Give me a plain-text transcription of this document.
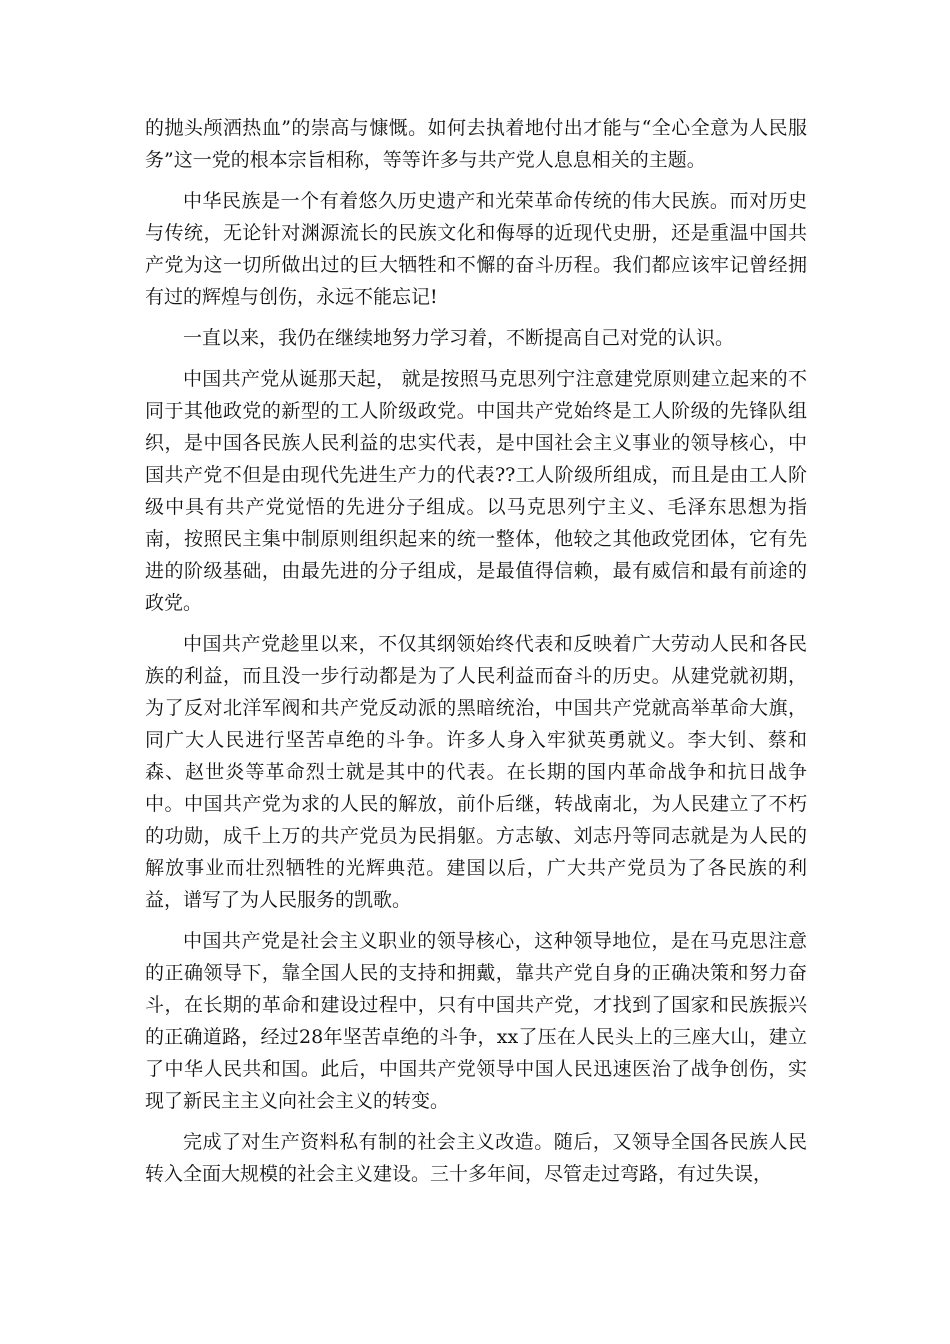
的抛头颅洒热血”的崇高与慷慨。如何去执着地付出才能与“全心全意为人民服务”这一党的根本宗旨相称，等等许多与共产党人息息相关的主题。

中华民族是一个有着悠久历史遗产和光荣革命传统的伟大民族。而对历史与传统，无论针对渊源流长的民族文化和侮辱的近现代史册，还是重温中国共产党为这一切所做出过的巨大牺牲和不懈的奋斗历程。我们都应该牢记曾经拥有过的辉煌与创伤，永远不能忘记!

一直以来，我仍在继续地努力学习着，不断提高自己对党的认识。

中国共产党从诞那天起， 就是按照马克思列宁注意建党原则建立起来的不同于其他政党的新型的工人阶级政党。中国共产党始终是工人阶级的先锋队组织，是中国各民族人民利益的忠实代表，是中国社会主义事业的领导核心，中国共产党不但是由现代先进生产力的代表??工人阶级所组成，而且是由工人阶级中具有共产党觉悟的先进分子组成。以马克思列宁主义、毛泽东思想为指南，按照民主集中制原则组织起来的统一整体，他较之其他政党团体，它有先进的阶级基础，由最先进的分子组成，是最值得信赖，最有威信和最有前途的政党。

中国共产党趁里以来，不仅其纲领始终代表和反映着广大劳动人民和各民族的利益，而且没一步行动都是为了人民利益而奋斗的历史。从建党就初期，为了反对北洋军阀和共产党反动派的黑暗统治，中国共产党就高举革命大旗，同广大人民进行坚苦卓绝的斗争。许多人身入牢狱英勇就义。李大钊、蔡和森、赵世炎等革命烈士就是其中的代表。在长期的国内革命战争和抗日战争中。中国共产党为求的人民的解放，前仆后继，转战南北，为人民建立了不朽的功勋，成千上万的共产党员为民捐躯。方志敏、刘志丹等同志就是为人民的解放事业而壮烈牺牲的光辉典范。建国以后，广大共产党员为了各民族的利益，谱写了为人民服务的凯歌。

中国共产党是社会主义职业的领导核心，这种领导地位，是在马克思注意的正确领导下，靠全国人民的支持和拥戴，靠共产党自身的正确决策和努力奋斗，在长期的革命和建设过程中，只有中国共产党，才找到了国家和民族振兴的正确道路，经过28年坚苦卓绝的斗争，xx了压在人民头上的三座大山，建立了中华人民共和国。此后，中国共产党领导中国人民迅速医治了战争创伤，实现了新民主主义向社会主义的转变。

完成了对生产资料私有制的社会主义改造。随后，又领导全国各民族人民转入全面大规模的社会主义建设。三十多年间，尽管走过弯路，有过失误，
